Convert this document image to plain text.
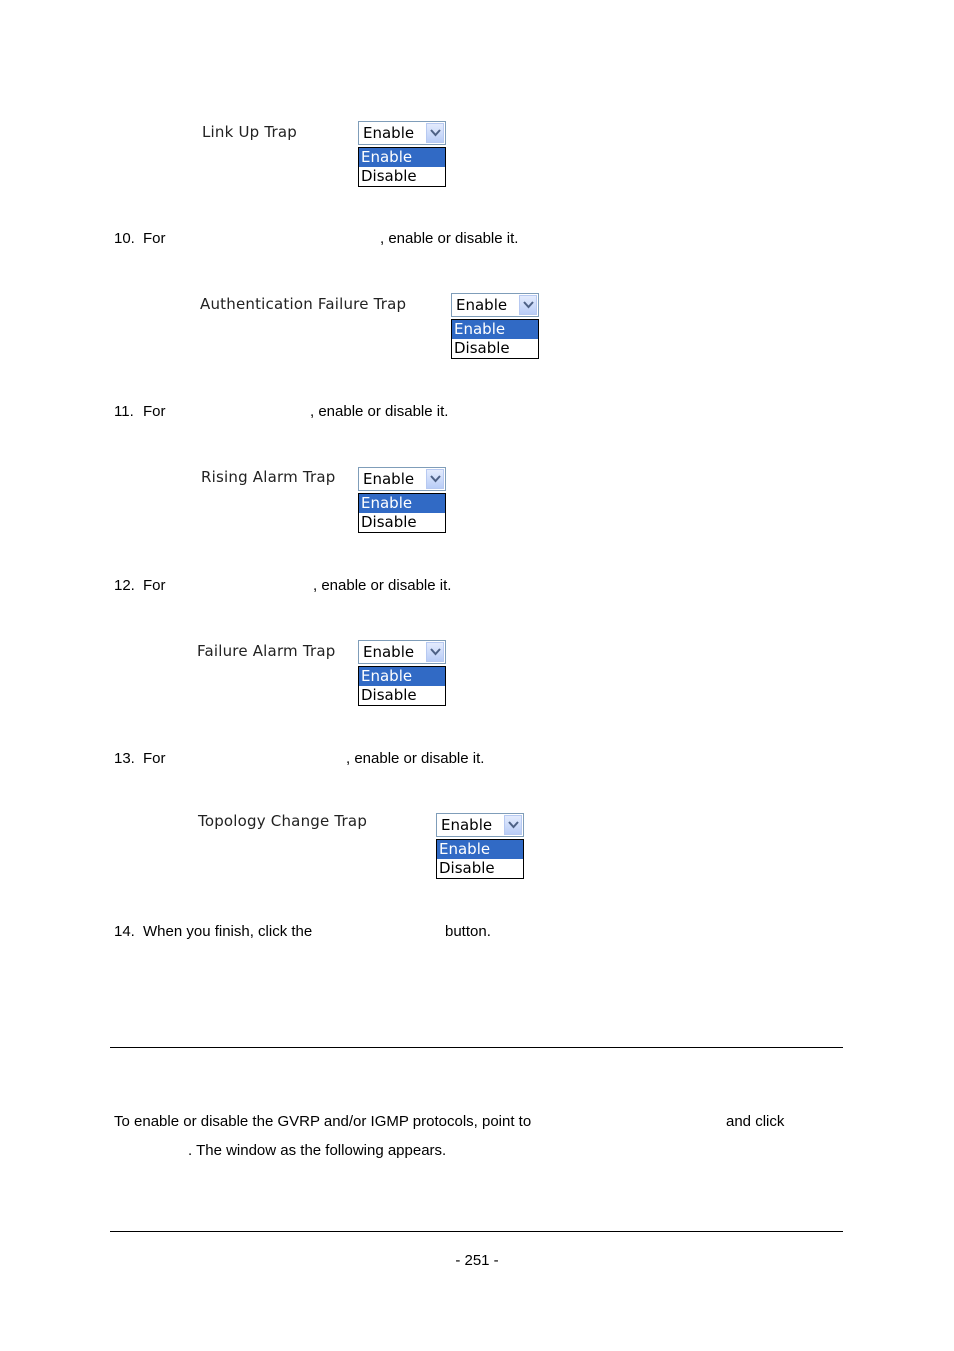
Link Up Trap	Enable
Enable
Disable
10. For	, enable or disable it.
Authentication Failure Trap	Enable
Enable
Disable
11. For	, enable or disable it.
Rising Alarm Trap Enable
Enable
Disable
12. For	, enable or disable it.
Failure Alarm Trap Enable
Enable
Disable
13. For	, enable or disable it.
Topology Change Trap	Enable
Enable
Disable
14. When you finish, click the	button.
To enable or disable the GVRP and/or IGMP protocols, point to	and click
. The window as the following appears.
- 251 -
